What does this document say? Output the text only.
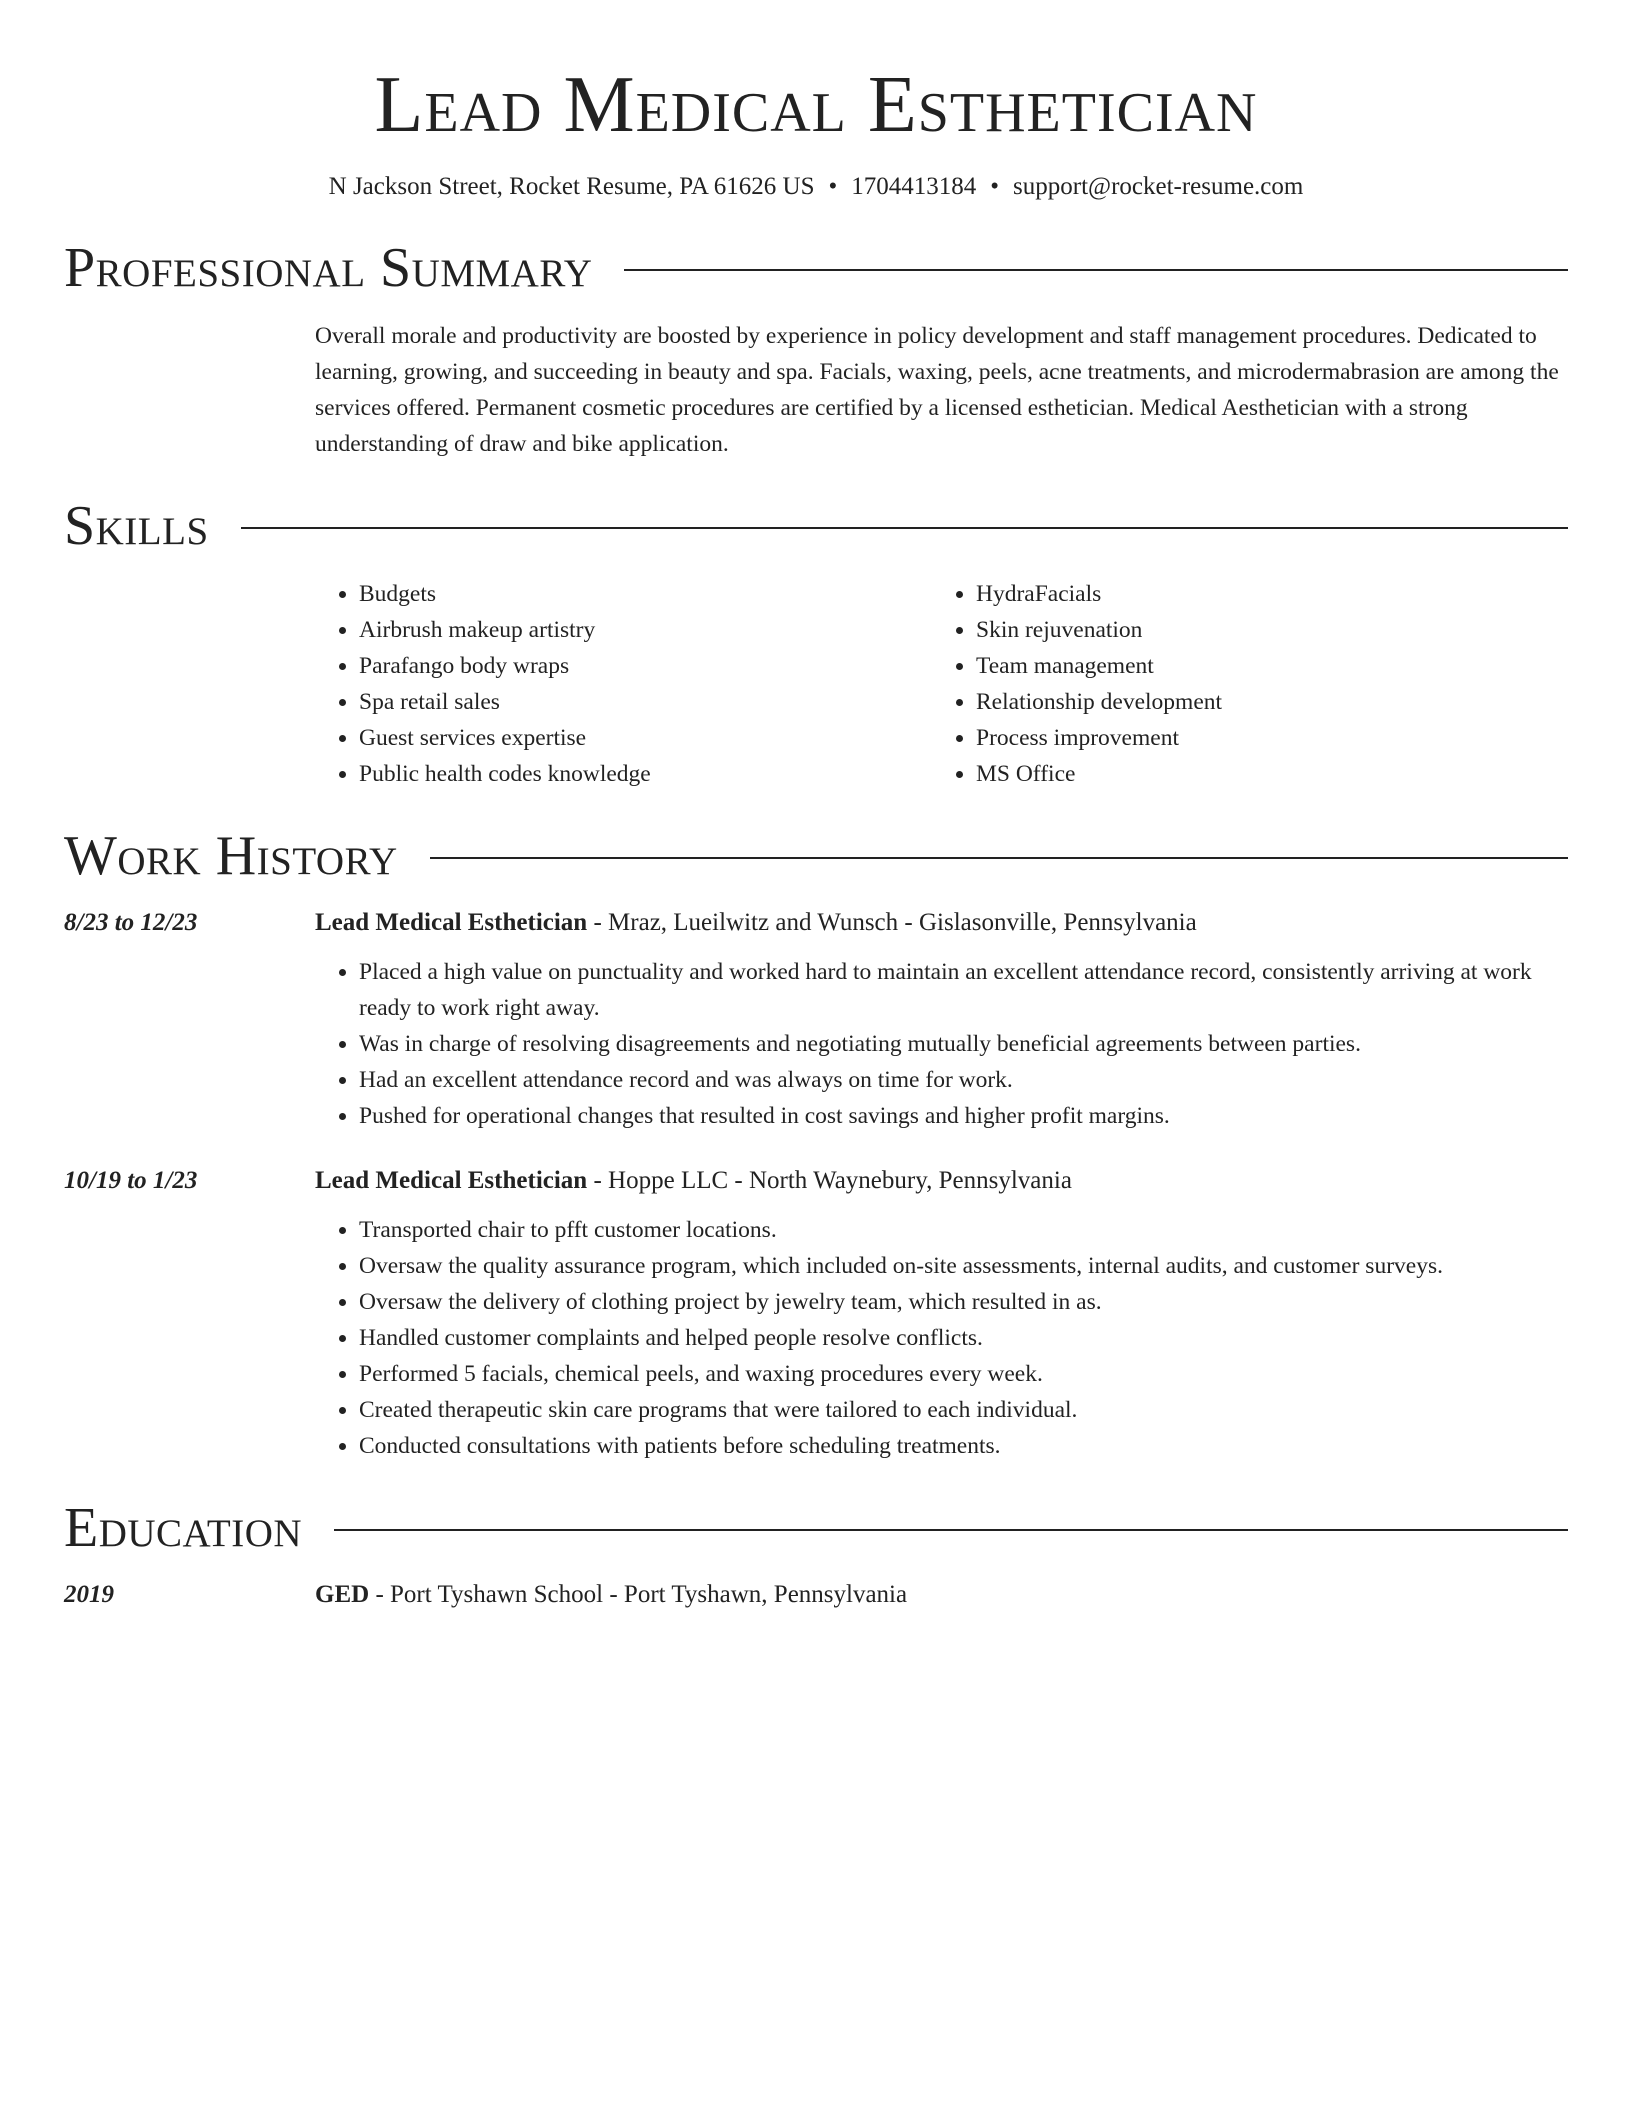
Lead Medical Esthetician
N Jackson Street, Rocket Resume, PA 61626 US • 1704413184 • support@rocket-resume.com
Professional Summary
Overall morale and productivity are boosted by experience in policy development and staff management procedures. Dedicated to learning, growing, and succeeding in beauty and spa. Facials, waxing, peels, acne treatments, and microdermabrasion are among the services offered. Permanent cosmetic procedures are certified by a licensed esthetician. Medical Aesthetician with a strong understanding of draw and bike application.
Skills
• Budgets
• Airbrush makeup artistry
• Parafango body wraps
• Spa retail sales
• Guest services expertise
• Public health codes knowledge
• HydraFacials
• Skin rejuvenation
• Team management
• Relationship development
• Process improvement
• MS Office
Work History
8/23 to 12/23	Lead Medical Esthetician - Mraz, Lueilwitz and Wunsch - Gislasonville, Pennsylvania
• Placed a high value on punctuality and worked hard to maintain an excellent attendance record, consistently arriving at work ready to work right away.
• Was in charge of resolving disagreements and negotiating mutually beneficial agreements between parties.
• Had an excellent attendance record and was always on time for work.
• Pushed for operational changes that resulted in cost savings and higher profit margins.
10/19 to 1/23	Lead Medical Esthetician - Hoppe LLC - North Waynebury, Pennsylvania
• Transported chair to pfft customer locations.
• Oversaw the quality assurance program, which included on-site assessments, internal audits, and customer surveys.
• Oversaw the delivery of clothing project by jewelry team, which resulted in as.
• Handled customer complaints and helped people resolve conflicts.
• Performed 5 facials, chemical peels, and waxing procedures every week.
• Created therapeutic skin care programs that were tailored to each individual.
• Conducted consultations with patients before scheduling treatments.
Education
2019	GED - Port Tyshawn School - Port Tyshawn, Pennsylvania
